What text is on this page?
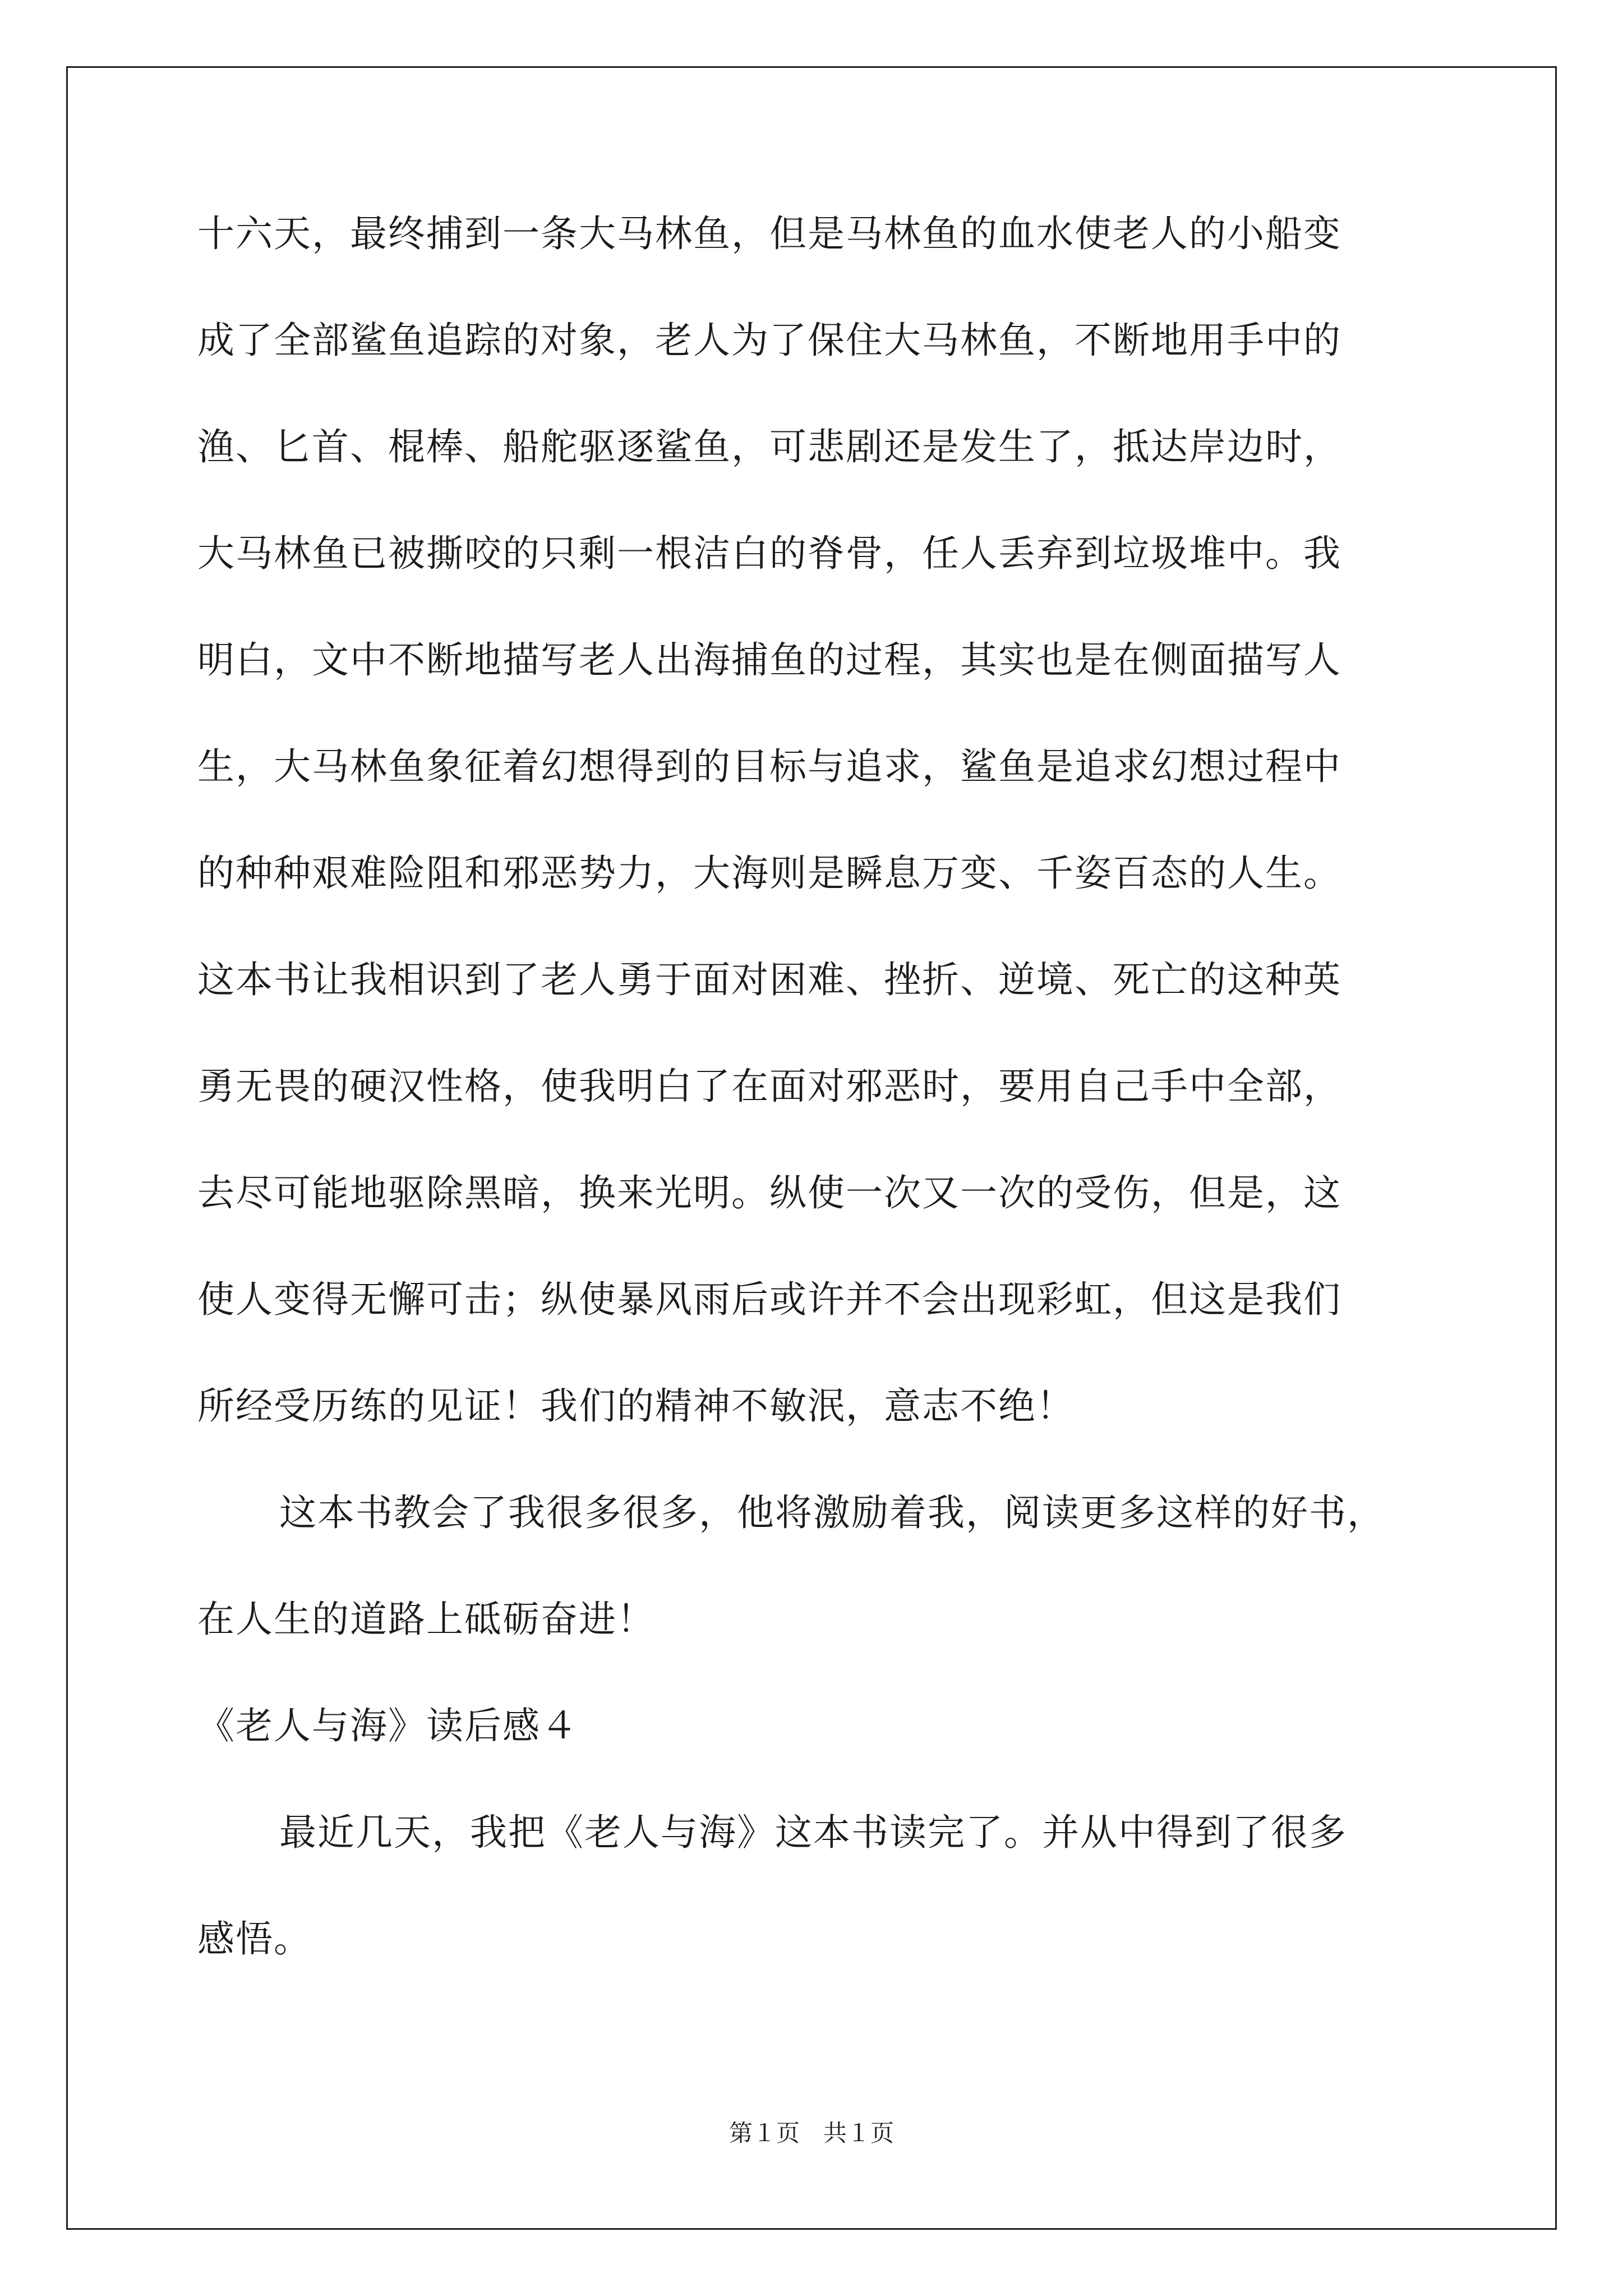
十六天，最终捕到一条大马林鱼，但是马林鱼的血水使老人的小船变
成了全部鲨鱼追踪的对象，老人为了保住大马林鱼，不断地用手中的
渔、匕首、棍棒、船舵驱逐鲨鱼，可悲剧还是发生了，抵达岸边时，
大马林鱼已被撕咬的只剩一根洁白的脊骨，任人丢弃到垃圾堆中。我
明白，文中不断地描写老人出海捕鱼的过程，其实也是在侧面描写人
生，大马林鱼象征着幻想得到的目标与追求，鲨鱼是追求幻想过程中
的种种艰难险阻和邪恶势力，大海则是瞬息万变、千姿百态的人生。
这本书让我相识到了老人勇于面对困难、挫折、逆境、死亡的这种英
勇无畏的硬汉性格，使我明白了在面对邪恶时，要用自己手中全部，
去尽可能地驱除黑暗，换来光明。纵使一次又一次的受伤，但是，这
使人变得无懈可击；纵使暴风雨后或许并不会出现彩虹，但这是我们
所经受历练的见证！我们的精神不敏泯，意志不绝！
这本书教会了我很多很多，他将激励着我，阅读更多这样的好书，
在人生的道路上砥砺奋进！
《老人与海》读后感４
最近几天，我把《老人与海》这本书读完了。并从中得到了很多
感悟。
第１页　共１页
